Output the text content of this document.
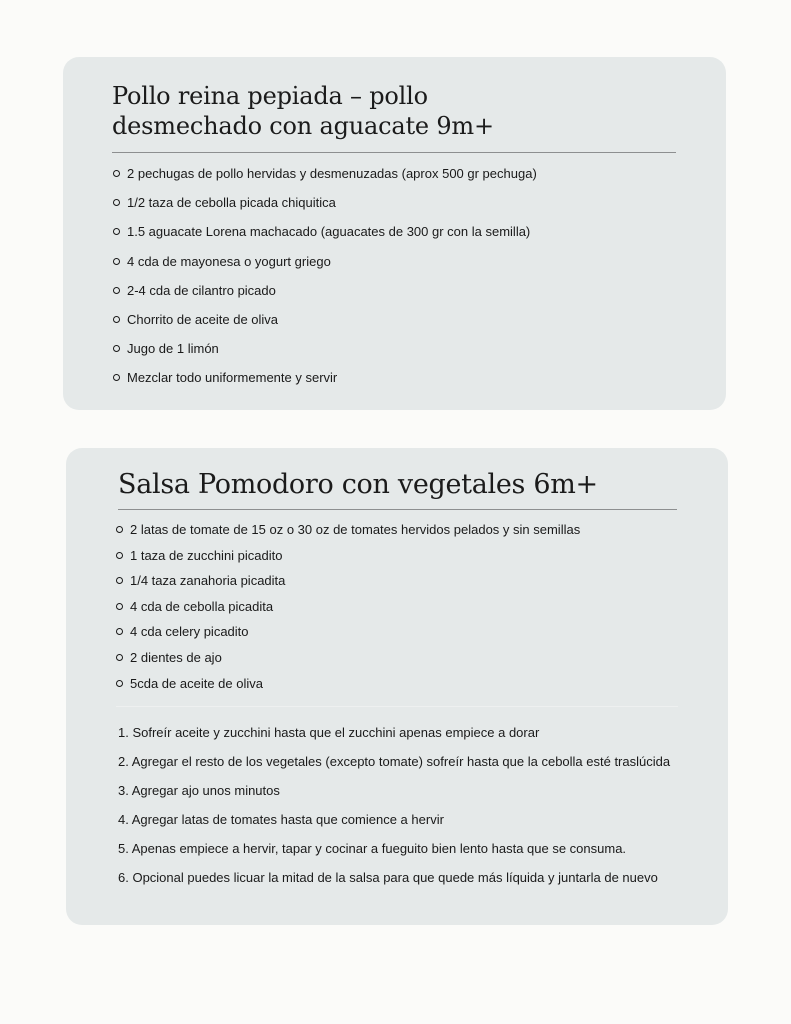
Pollo reina pepiada – pollo
desmechado con aguacate 9m+
2 pechugas de pollo hervidas y desmenuzadas (aprox 500 gr pechuga)
1/2 taza de cebolla picada chiquitica
1.5 aguacate Lorena machacado (aguacates de 300 gr con la semilla)
4 cda de mayonesa o yogurt griego
2-4 cda de cilantro picado
Chorrito de aceite de oliva
Jugo de 1 limón
Mezclar todo uniformemente y servir
Salsa Pomodoro con vegetales 6m+
2 latas de tomate de 15 oz o 30 oz de tomates hervidos pelados y sin semillas
1 taza de zucchini picadito
1/4 taza zanahoria picadita
4 cda de cebolla picadita
4 cda celery picadito
2 dientes de ajo
5cda de aceite de oliva
1. Sofreír aceite y zucchini hasta que el zucchini apenas empiece a dorar
2. Agregar el resto de los vegetales (excepto tomate) sofreír hasta que la cebolla esté traslúcida
3. Agregar ajo unos minutos
4. Agregar latas de tomates hasta que comience a hervir
5. Apenas empiece a hervir, tapar y cocinar a fueguito bien lento hasta que se consuma.
6. Opcional puedes licuar la mitad de la salsa para que quede más líquida y juntarla de nuevo
